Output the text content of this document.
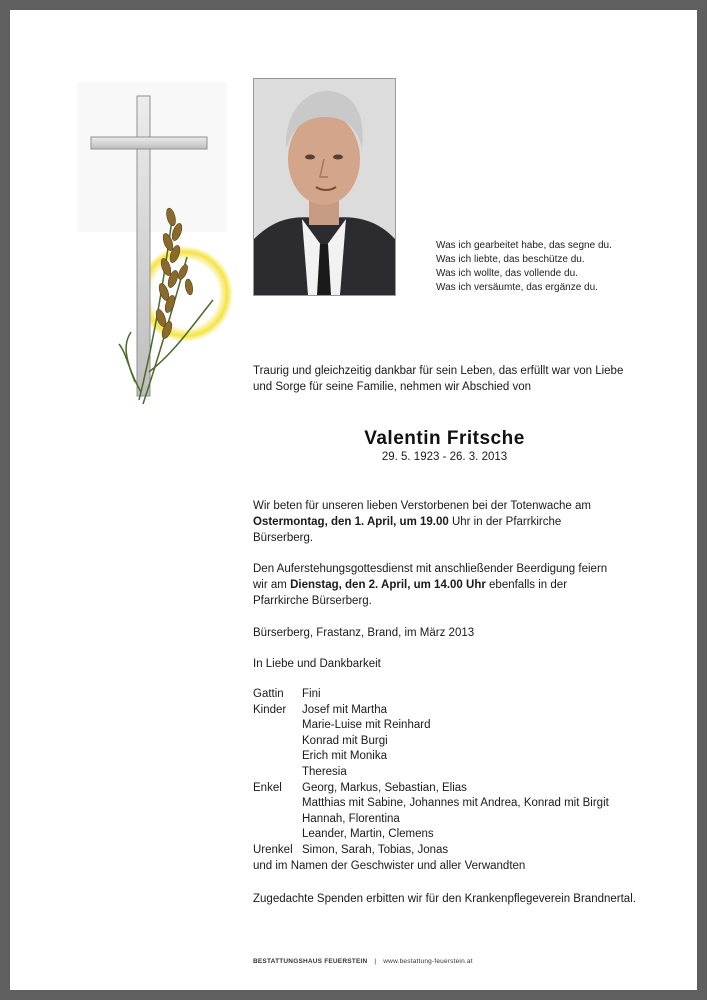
Was ich gearbeitet habe, das segne du.
Was ich liebte, das beschütze du.
Was ich wollte, das vollende du.
Was ich versäumte, das ergänze du.
Traurig und gleichzeitig dankbar für sein Leben, das erfüllt war von Liebe
und Sorge für seine Familie, nehmen wir Abschied von
Valentin Fritsche
29. 5. 1923 - 26. 3. 2013
Wir beten für unseren lieben Verstorbenen bei der Totenwache am
Ostermontag, den 1. April, um 19.00 Uhr in der Pfarrkirche
Bürserberg.
Den Auferstehungsgottesdienst mit anschließender Beerdigung feiern
wir am Dienstag, den 2. April, um 14.00 Uhr ebenfalls in der
Pfarrkirche Bürserberg.
Bürserberg, Frastanz, Brand, im März 2013
In Liebe und Dankbarkeit
Gattin	Fini
Kinder	Josef mit Martha
Marie-Luise mit Reinhard
Konrad mit Burgi
Erich mit Monika
Theresia
Enkel	Georg, Markus, Sebastian, Elias
Matthias mit Sabine, Johannes mit Andrea, Konrad mit Birgit
Hannah, Florentina
Leander, Martin, Clemens
Urenkel Simon, Sarah, Tobias, Jonas
und im Namen der Geschwister und aller Verwandten
Zugedachte Spenden erbitten wir für den Krankenpflegeverein Brandnertal.
BESTATTUNGSHAUS FEUERSTEIN | www.bestattung-feuerstein.at
